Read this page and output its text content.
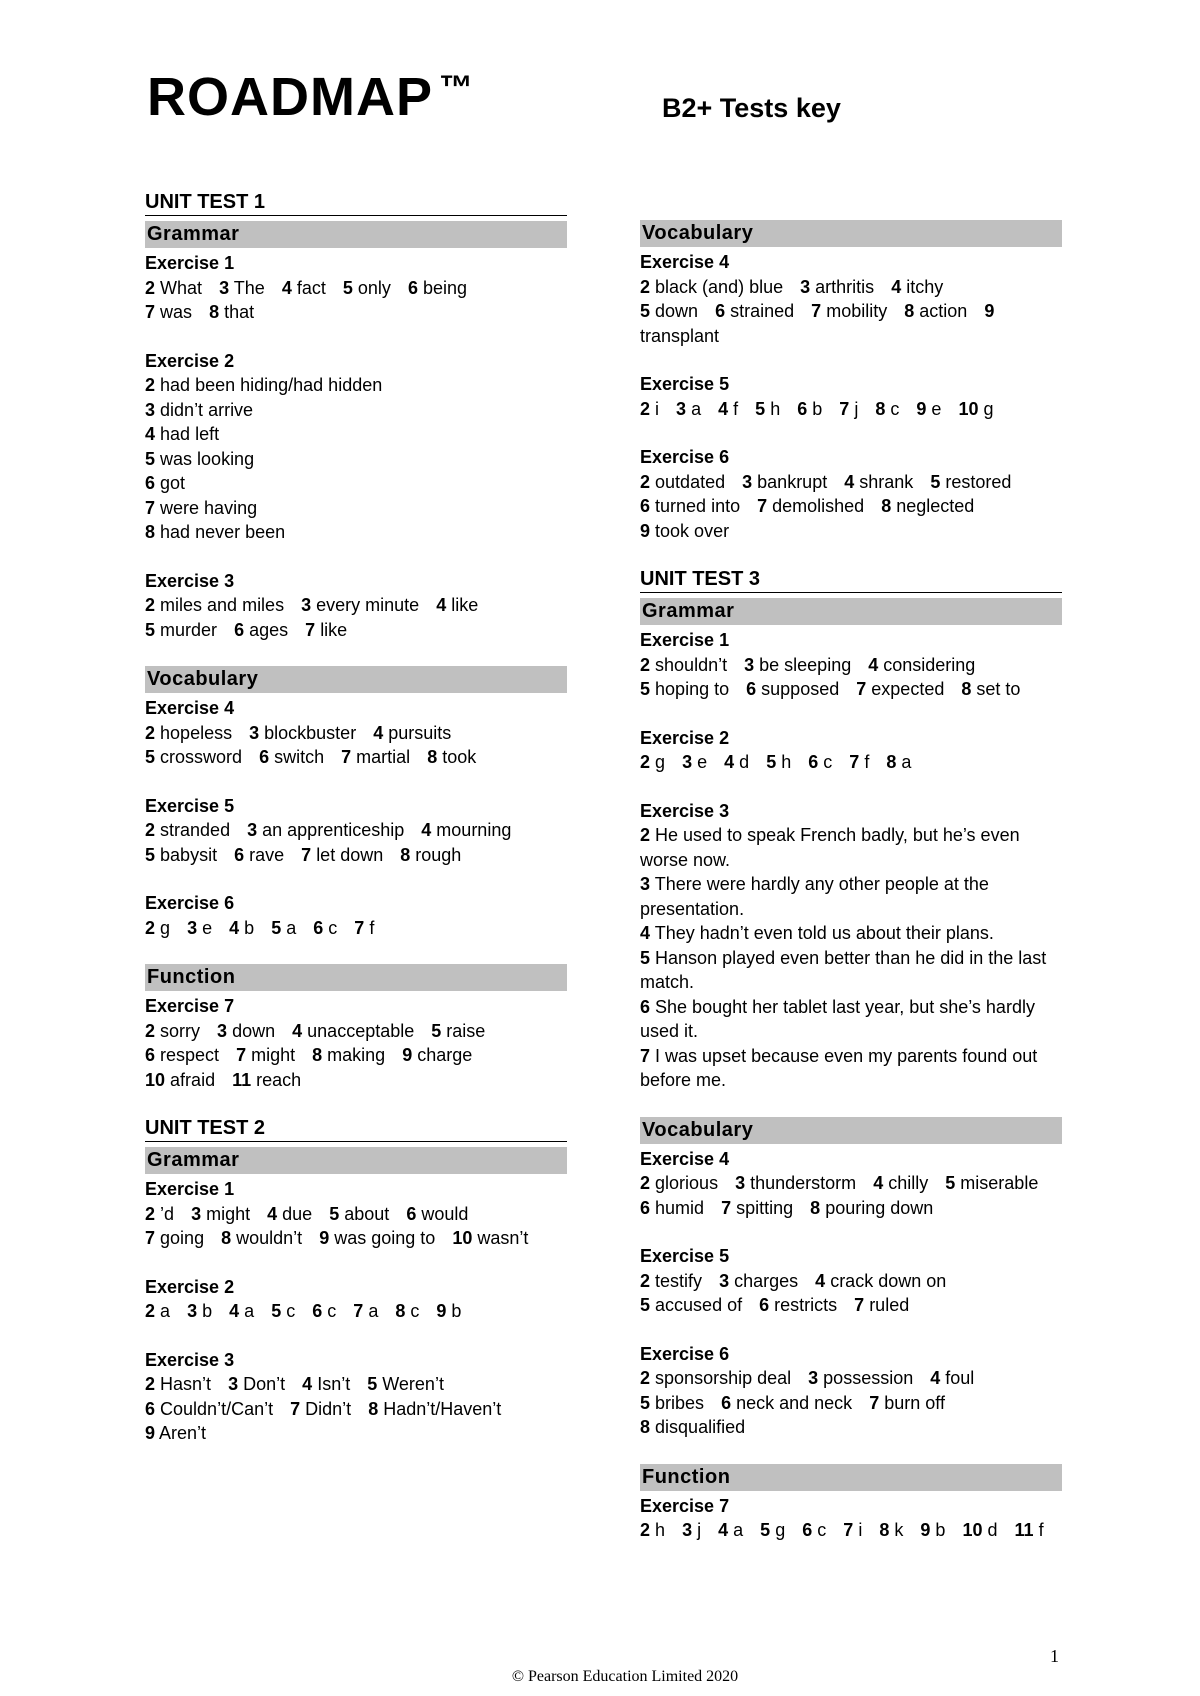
ROADMAP ™
B2+ Tests key
UNIT TEST 1
Grammar
Exercise 1
2 What 3 The 4 fact 5 only 6 being
7 was 8 that
Exercise 2
2 had been hiding/had hidden
3 didn’t arrive
4 had left
5 was looking
6 got
7 were having
8 had never been
Exercise 3
2 miles and miles 3 every minute 4 like
5 murder 6 ages 7 like
Vocabulary
Exercise 4
2 hopeless 3 blockbuster 4 pursuits
5 crossword 6 switch 7 martial 8 took
Exercise 5
2 stranded 3 an apprenticeship 4 mourning
5 babysit 6 rave 7 let down 8 rough
Exercise 6
2 g 3 e 4 b 5 a 6 c 7 f
Function
Exercise 7
2 sorry 3 down 4 unacceptable 5 raise
6 respect 7 might 8 making 9 charge
10 afraid 11 reach
UNIT TEST 2
Grammar
Exercise 1
2 ’d 3 might 4 due 5 about 6 would
7 going 8 wouldn’t 9 was going to 10 wasn’t
Exercise 2
2 a 3 b 4 a 5 c 6 c 7 a 8 c 9 b
Exercise 3
2 Hasn’t 3 Don’t 4 Isn’t 5 Weren’t
6 Couldn’t/Can’t 7 Didn’t 8 Hadn’t/Haven’t
9 Aren’t
Vocabulary
Exercise 4
2 black (and) blue 3 arthritis 4 itchy
5 down 6 strained 7 mobility 8 action 9 transplant
Exercise 5
2 i 3 a 4 f 5 h 6 b 7 j 8 c 9 e 10 g
Exercise 6
2 outdated 3 bankrupt 4 shrank 5 restored
6 turned into 7 demolished 8 neglected
9 took over
UNIT TEST 3
Grammar
Exercise 1
2 shouldn’t 3 be sleeping 4 considering
5 hoping to 6 supposed 7 expected 8 set to
Exercise 2
2 g 3 e 4 d 5 h 6 c 7 f 8 a
Exercise 3
2 He used to speak French badly, but he’s even worse now.
3 There were hardly any other people at the presentation.
4 They hadn’t even told us about their plans.
5 Hanson played even better than he did in the last match.
6 She bought her tablet last year, but she’s hardly used it.
7 I was upset because even my parents found out before me.
Vocabulary
Exercise 4
2 glorious 3 thunderstorm 4 chilly 5 miserable
6 humid 7 spitting 8 pouring down
Exercise 5
2 testify 3 charges 4 crack down on
5 accused of 6 restricts 7 ruled
Exercise 6
2 sponsorship deal 3 possession 4 foul
5 bribes 6 neck and neck 7 burn off
8 disqualified
Function
Exercise 7
2 h 3 j 4 a 5 g 6 c 7 i 8 k 9 b 10 d 11 f
1
© Pearson Education Limited 2020
